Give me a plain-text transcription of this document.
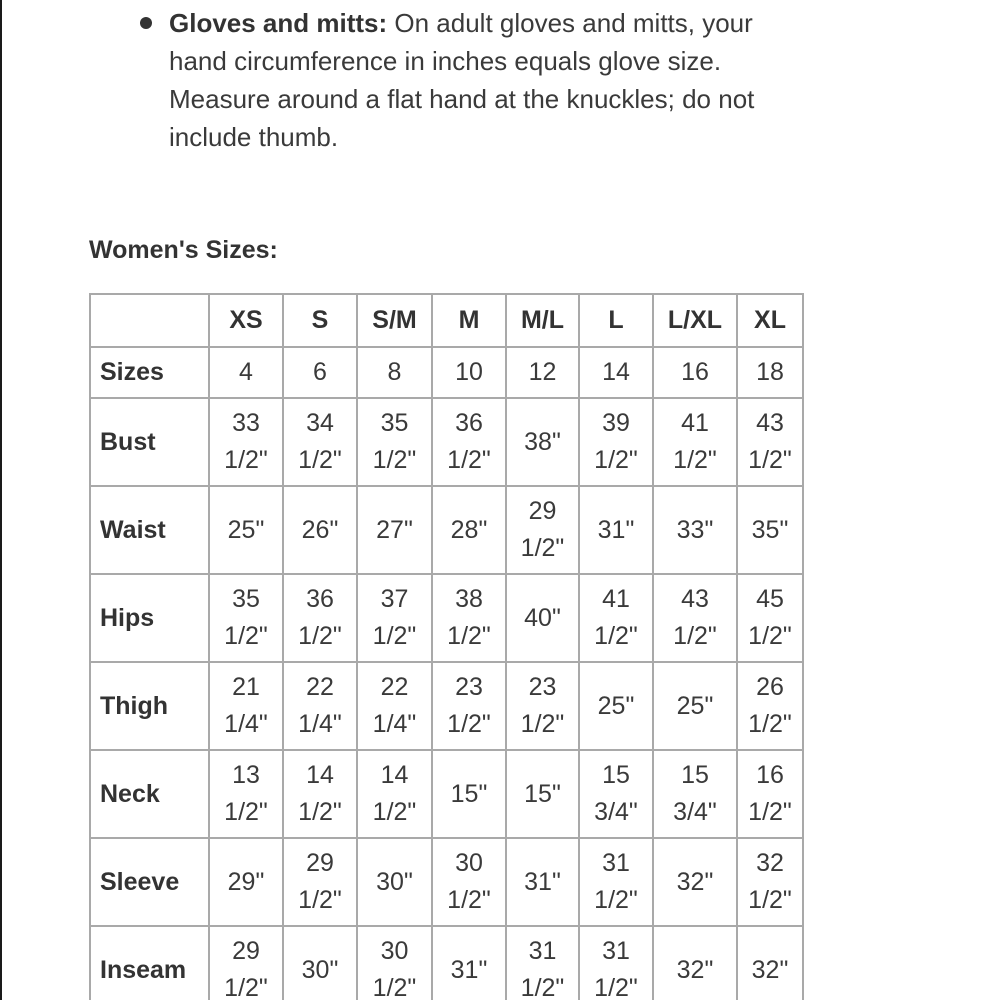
Gloves and mitts: On adult gloves and mitts, your hand circumference in inches equals glove size. Measure around a flat hand at the knuckles; do not include thumb.
Women's Sizes:
	XS	S	S/M	M	M/L	L	L/XL	XL
Sizes	4	6	8	10	12	14	16	18

Bust	33
1/2"	34
1/2"	35
1/2"	36
1/2"	38"	39
1/2"	41
1/2"	43
1/2"

Waist	25"	26"	27"	28"	29
1/2"	31"	33"	35"

Hips	35
1/2"	36
1/2"	37
1/2"	38
1/2"	40"	41
1/2"	43
1/2"	45
1/2"

Thigh	21
1/4"	22
1/4"	22
1/4"	23
1/2"	23
1/2"	25"	25"	26
1/2"

Neck	13
1/2"	14
1/2"	14
1/2"	15"	15"	15
3/4"	15
3/4"	16
1/2"

Sleeve	29"	29
1/2"	30"	30
1/2"	31"	31
1/2"	32"	32
1/2"

Inseam	29
1/2"	30"	30
1/2"	31"	31
1/2"	31
1/2"	32"	32"
